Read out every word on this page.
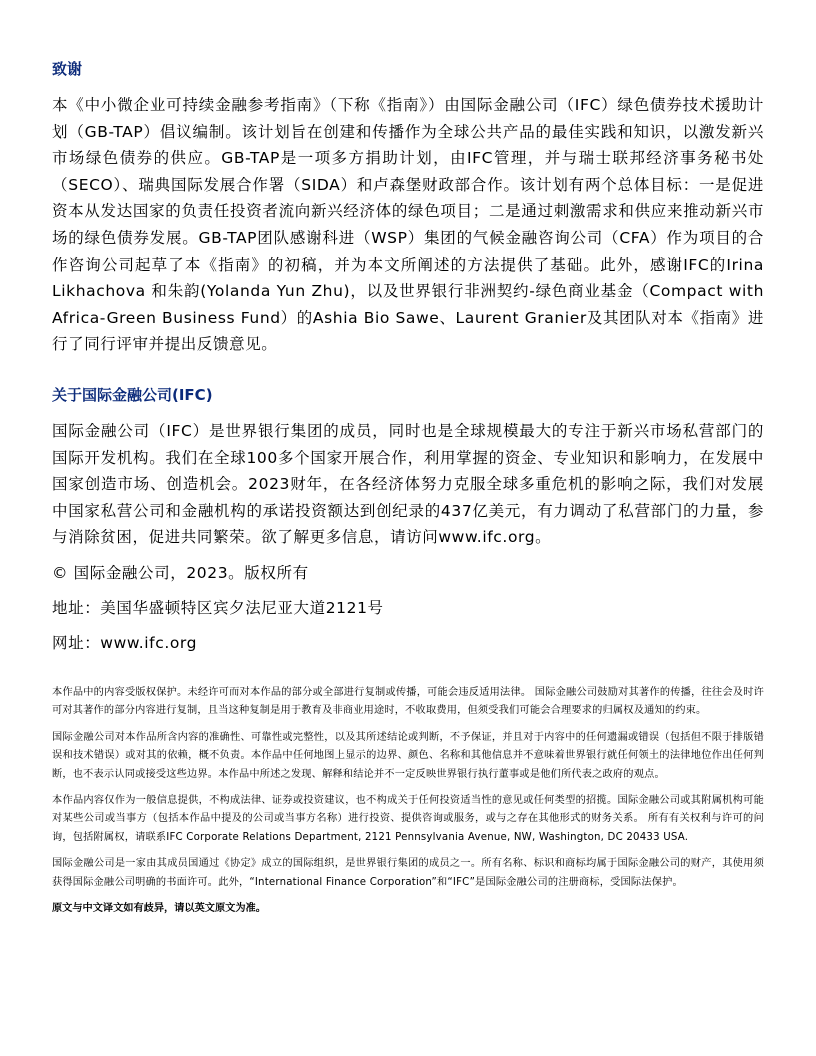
致谢

本《中小微企业可持续金融参考指南》（下称《指南》）由国际金融公司（IFC）绿色债券技术援助计划（GB-TAP）倡议编制。该计划旨在创建和传播作为全球公共产品的最佳实践和知识，以激发新兴市场绿色债券的供应。GB-TAP是一项多方捐助计划，由IFC管理，并与瑞士联邦经济事务秘书处（SECO）、瑞典国际发展合作署（SIDA）和卢森堡财政部合作。该计划有两个总体目标：一是促进资本从发达国家的负责任投资者流向新兴经济体的绿色项目；二是通过刺激需求和供应来推动新兴市场的绿色债券发展。GB-TAP团队感谢科进（WSP）集团的气候金融咨询公司（CFA）作为项目的合作咨询公司起草了本《指南》的初稿，并为本文所阐述的方法提供了基础。此外，感谢IFC的Irina Likhachova 和朱韵(Yolanda Yun Zhu)，以及世界银行非洲契约-绿色商业基金（Compact with Africa-Green Business Fund）的Ashia Bio Sawe、Laurent Granier及其团队对本《指南》进行了同行评审并提出反馈意见。

关于国际金融公司(IFC)

国际金融公司（IFC）是世界银行集团的成员，同时也是全球规模最大的专注于新兴市场私营部门的国际开发机构。我们在全球100多个国家开展合作，利用掌握的资金、专业知识和影响力，在发展中国家创造市场、创造机会。2023财年，在各经济体努力克服全球多重危机的影响之际，我们对发展中国家私营公司和金融机构的承诺投资额达到创纪录的437亿美元，有力调动了私营部门的力量，参与消除贫困，促进共同繁荣。欲了解更多信息，请访问www.ifc.org。

© 国际金融公司，2023。版权所有

地址：美国华盛顿特区宾夕法尼亚大道2121号

网址：www.ifc.org

本作品中的内容受版权保护。未经许可而对本作品的部分或全部进行复制或传播，可能会违反适用法律。 国际金融公司鼓励对其著作的传播，往往会及时许可对其著作的部分内容进行复制，且当这种复制是用于教育及非商业用途时，不收取费用，但须受我们可能会合理要求的归属权及通知的约束。

国际金融公司对本作品所含内容的准确性、可靠性或完整性，以及其所述结论或判断，不予保证，并且对于内容中的任何遗漏或错误（包括但不限于排版错误和技术错误）或对其的依赖，概不负责。本作品中任何地图上显示的边界、颜色、名称和其他信息并不意味着世界银行就任何领土的法律地位作出任何判断，也不表示认同或接受这些边界。本作品中所述之发现、解释和结论并不一定反映世界银行执行董事或是他们所代表之政府的观点。

本作品内容仅作为一般信息提供，不构成法律、证券或投资建议，也不构成关于任何投资适当性的意见或任何类型的招揽。国际金融公司或其附属机构可能对某些公司或当事方（包括本作品中提及的公司或当事方名称）进行投资、提供咨询或服务，或与之存在其他形式的财务关系。 所有有关权利与许可的问询，包括附属权，请联系IFC Corporate Relations Department, 2121 Pennsylvania Avenue, NW, Washington, DC 20433 USA.

国际金融公司是一家由其成员国通过《协定》成立的国际组织，是世界银行集团的成员之一。所有名称、标识和商标均属于国际金融公司的财产，其使用须获得国际金融公司明确的书面许可。此外，“International Finance Corporation”和“IFC”是国际金融公司的注册商标，受国际法保护。

原文与中文译文如有歧异，请以英文原文为准。
